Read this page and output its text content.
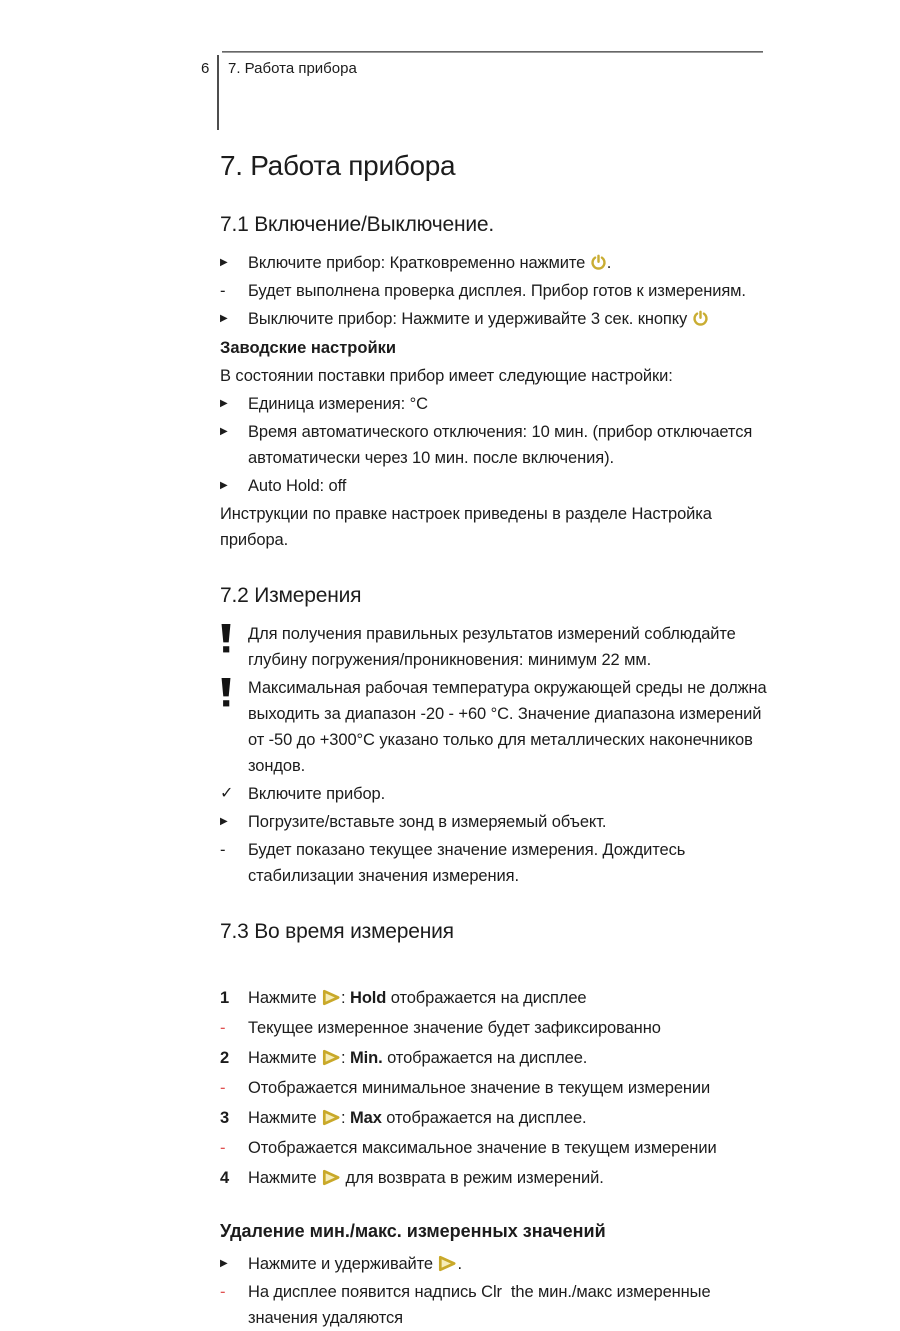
6 7. Работа прибора
7. Работа прибора
7.1 Включение/Выключение.
▶	Включите прибор: Кратковременно нажмите
.
-	Будет выполнена проверка дисплея. Прибор готов к измерениям.
▶	Выключите прибор: Нажмите и удерживайте 3 сек. кнопку
Заводские настройки
В состоянии поставки прибор имеет следующие настройки:
▶	Единица измерения: °C
▶	Время автоматического отключения: 10 мин. (прибор отключается автоматически через 10 мин. после включения).
▶	Auto Hold: off
Инструкции по правке настроек приведены в разделе Настройка прибора.
7.2 Измерения
Для получения правильных результатов измерений соблюдайте глубину погружения/проникновения: минимум 22 мм.
Максимальная рабочая температура окружающей среды не должна выходить за диапазон -20 - +60 °C. Значение диапазона измерений от -50 до +300°C указано только для металлических наконечников зондов.
✓ Включите прибор.
▶	Погрузите/вставьте зонд в измеряемый объект.
-	Будет показано текущее значение измерения. Дождитесь стабилизации значения измерения.
7.3 Во время измерения
1	Нажмите
: Hold отображается на дисплее
-	Текущее измеренное значение будет зафиксированно
2	Нажмите
: Min. отображается на дисплее.
-	Отображается минимальное значение в текущем измерении
3	Нажмите
: Max отображается на дисплее.
-	Отображается максимальное значение в текущем измерении
4	Нажмите
для возврата в режим измерений.
Удаление мин./макс. измеренных значений
▶	Нажмите и удерживайте
.
-	На дисплее появится надпись Clr  the мин./макс измеренные значения удаляются
